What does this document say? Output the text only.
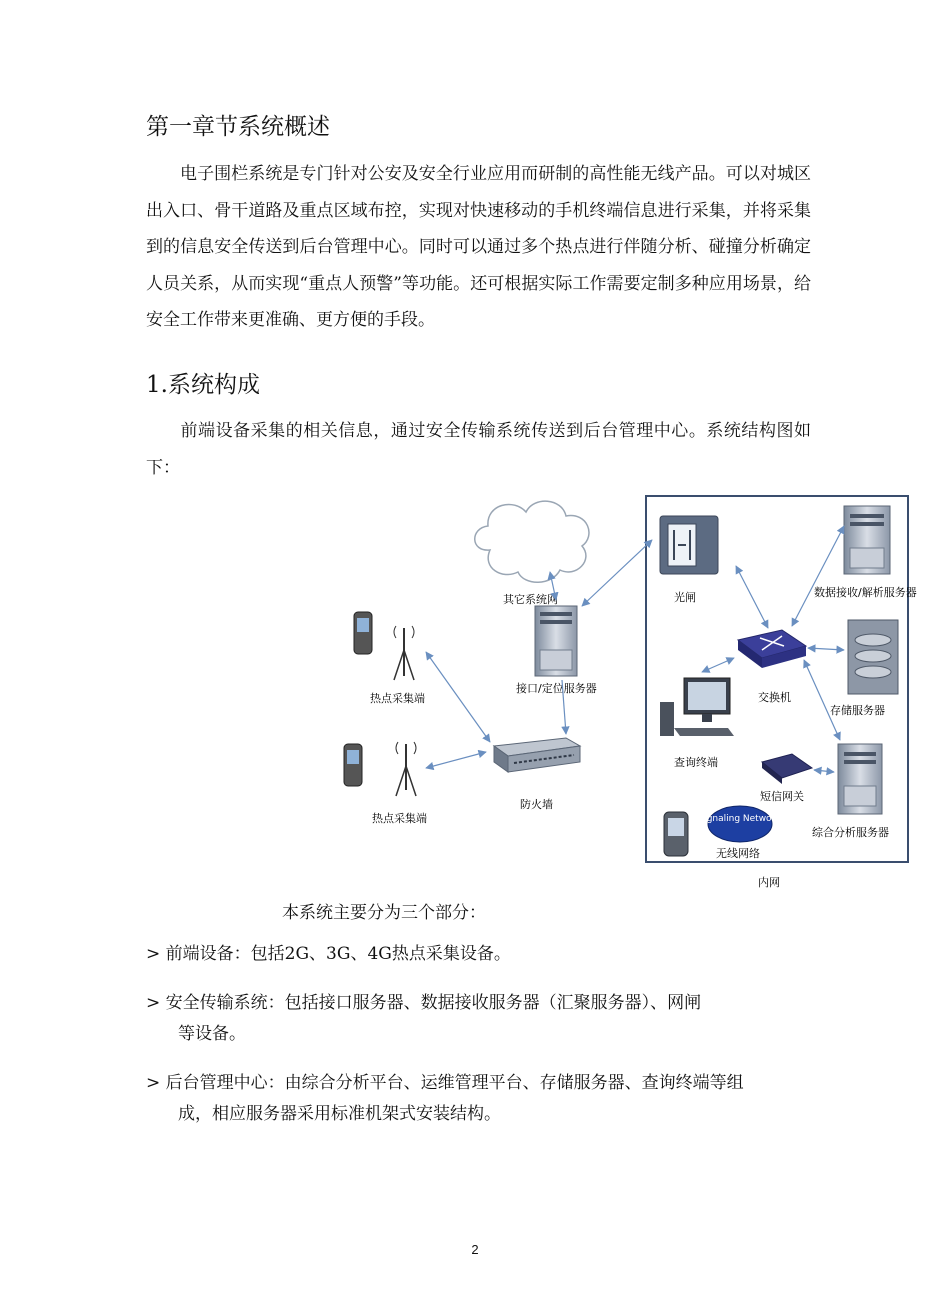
第一章节系统概述
电子围栏系统是专门针对公安及安全行业应用而研制的高性能无线产品。可以对城区出入口、骨干道路及重点区域布控，实现对快速移动的手机终端信息进行采集，并将采集到的信息安全传送到后台管理中心。同时可以通过多个热点进行伴随分析、碰撞分析确定人员关系，从而实现“重点人预警”等功能。还可根据实际工作需要定制多种应用场景，给安全工作带来更准确、更方便的手段。
1.系统构成
前端设备采集的相关信息，通过安全传输系统传送到后台管理中心。系统结构图如下：
其它系统网
接口/定位服务器
热点采集端
热点采集端
防火墙
光闸	数据接收/解析服务器
交换机
存储服务器
查询终端
短信网关
综合分析服务器
signaling Network
无线网络
内网
本系统主要分为三个部分：
> 前端设备：包括2G、3G、4G热点采集设备。
> 安全传输系统：包括接口服务器、数据接收服务器（汇聚服务器）、网闸
等设备。
> 后台管理中心：由综合分析平台、运维管理平台、存储服务器、查询终端等组
成，相应服务器采用标准机架式安装结构。
2
